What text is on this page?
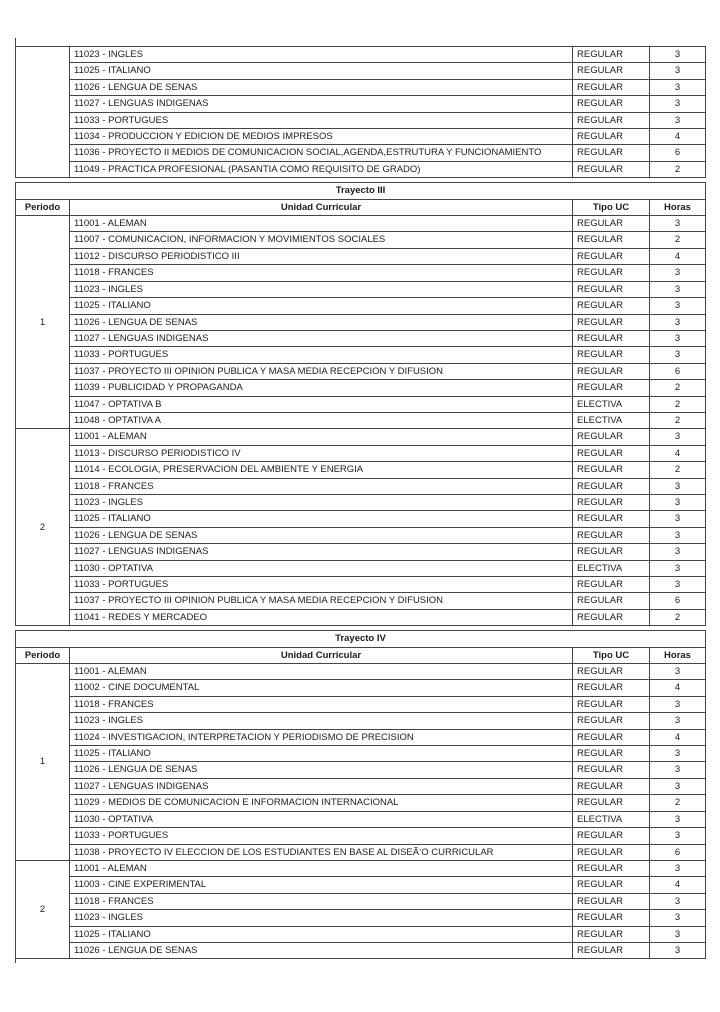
	11023 - INGLES	REGULAR	3
	11025 - ITALIANO	REGULAR	3
	11026 - LENGUA DE SENAS	REGULAR	3
	11027 - LENGUAS INDIGENAS	REGULAR	3
	11033 - PORTUGUES	REGULAR	3
	11034 - PRODUCCION Y EDICION DE MEDIOS IMPRESOS	REGULAR	4
	11036 - PROYECTO II MEDIOS DE COMUNICACION SOCIAL,AGENDA,ESTRUTURA Y FUNCIONAMIENTO	REGULAR	6
	11049 - PRACTICA PROFESIONAL (PASANTIA COMO REQUISITO DE GRADO)	REGULAR	2
Trayecto III			
Periodo	Unidad Curricular	Tipo UC	Horas
1	11001 - ALEMAN	REGULAR	3
	11007 - COMUNICACION, INFORMACION Y MOVIMIENTOS SOCIALES	REGULAR	2
	11012 - DISCURSO PERIODISTICO III	REGULAR	4
	11018 - FRANCES	REGULAR	3
	11023 - INGLES	REGULAR	3
	11025 - ITALIANO	REGULAR	3
	11026 - LENGUA DE SENAS	REGULAR	3
	11027 - LENGUAS INDIGENAS	REGULAR	3
	11033 - PORTUGUES	REGULAR	3
	11037 - PROYECTO III OPINION PUBLICA Y MASA MEDIA RECEPCION Y DIFUSION	REGULAR	6
	11039 - PUBLICIDAD Y PROPAGANDA	REGULAR	2
	11047 - OPTATIVA B	ELECTIVA	2
	11048 - OPTATIVA A	ELECTIVA	2
2	11001 - ALEMAN	REGULAR	3
	11013 - DISCURSO PERIODISTICO IV	REGULAR	4
	11014 - ECOLOGIA, PRESERVACION DEL AMBIENTE Y ENERGIA	REGULAR	2
	11018 - FRANCES	REGULAR	3
	11023 - INGLES	REGULAR	3
	11025 - ITALIANO	REGULAR	3
	11026 - LENGUA DE SENAS	REGULAR	3
	11027 - LENGUAS INDIGENAS	REGULAR	3
	11030 - OPTATIVA	ELECTIVA	3
	11033 - PORTUGUES	REGULAR	3
	11037 - PROYECTO III OPINION PUBLICA Y MASA MEDIA RECEPCION Y DIFUSION	REGULAR	6
	11041 - REDES Y MERCADEO	REGULAR	2
Trayecto IV			
Periodo	Unidad Curricular	Tipo UC	Horas
1	11001 - ALEMAN	REGULAR	3
	11002 - CINE DOCUMENTAL	REGULAR	4
	11018 - FRANCES	REGULAR	3
	11023 - INGLES	REGULAR	3
	11024 - INVESTIGACION, INTERPRETACION Y PERIODISMO DE PRECISION	REGULAR	4
	11025 - ITALIANO	REGULAR	3
	11026 - LENGUA DE SENAS	REGULAR	3
	11027 - LENGUAS INDIGENAS	REGULAR	3
	11029 - MEDIOS DE COMUNICACION E INFORMACION INTERNACIONAL	REGULAR	2
	11030 - OPTATIVA	ELECTIVA	3
	11033 - PORTUGUES	REGULAR	3
	11038 - PROYECTO IV ELECCION DE LOS ESTUDIANTES EN BASE AL DISEÃ‘O CURRICULAR	REGULAR	6
2	11001 - ALEMAN	REGULAR	3
	11003 - CINE EXPERIMENTAL	REGULAR	4
	11018 - FRANCES	REGULAR	3
	11023 - INGLES	REGULAR	3
	11025 - ITALIANO	REGULAR	3
	11026 - LENGUA DE SENAS	REGULAR	3
